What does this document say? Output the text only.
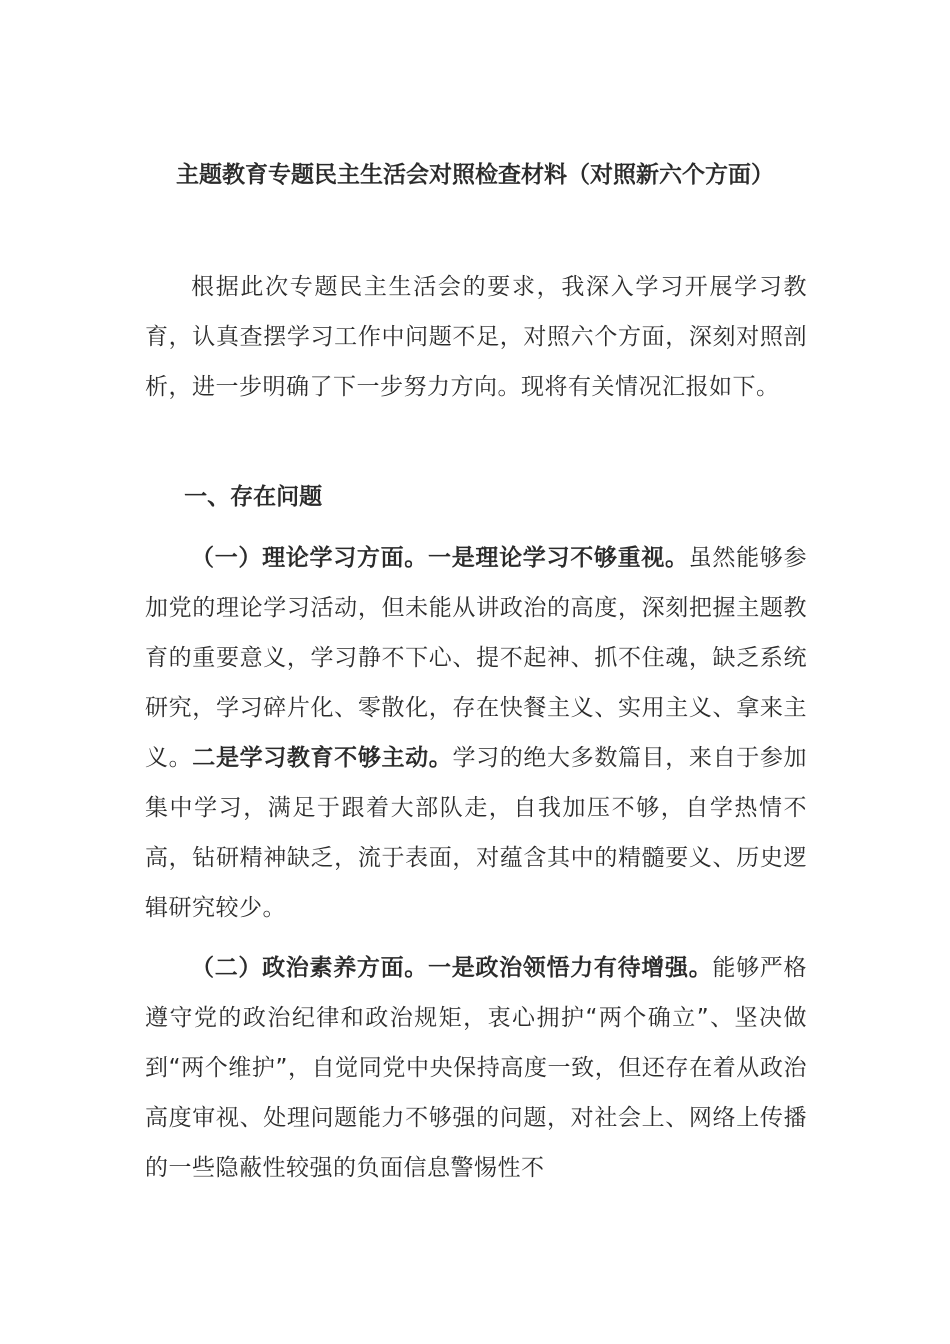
主题教育专题民主生活会对照检查材料（对照新六个方面）

根据此次专题民主生活会的要求，我深入学习开展学习教育，认真查摆学习工作中问题不足，对照六个方面，深刻对照剖析，进一步明确了下一步努力方向。现将有关情况汇报如下。

一、存在问题

（一）理论学习方面。一是理论学习不够重视。虽然能够参加党的理论学习活动，但未能从讲政治的高度，深刻把握主题教育的重要意义，学习静不下心、提不起神、抓不住魂，缺乏系统研究，学习碎片化、零散化，存在快餐主义、实用主义、拿来主义。二是学习教育不够主动。学习的绝大多数篇目，来自于参加集中学习，满足于跟着大部队走，自我加压不够，自学热情不高，钻研精神缺乏，流于表面，对蕴含其中的精髓要义、历史逻辑研究较少。

（二）政治素养方面。一是政治领悟力有待增强。能够严格遵守党的政治纪律和政治规矩，衷心拥护“两个确立”、坚决做到“两个维护”，自觉同党中央保持高度一致，但还存在着从政治高度审视、处理问题能力不够强的问题，对社会上、网络上传播的一些隐蔽性较强的负面信息警惕性不
